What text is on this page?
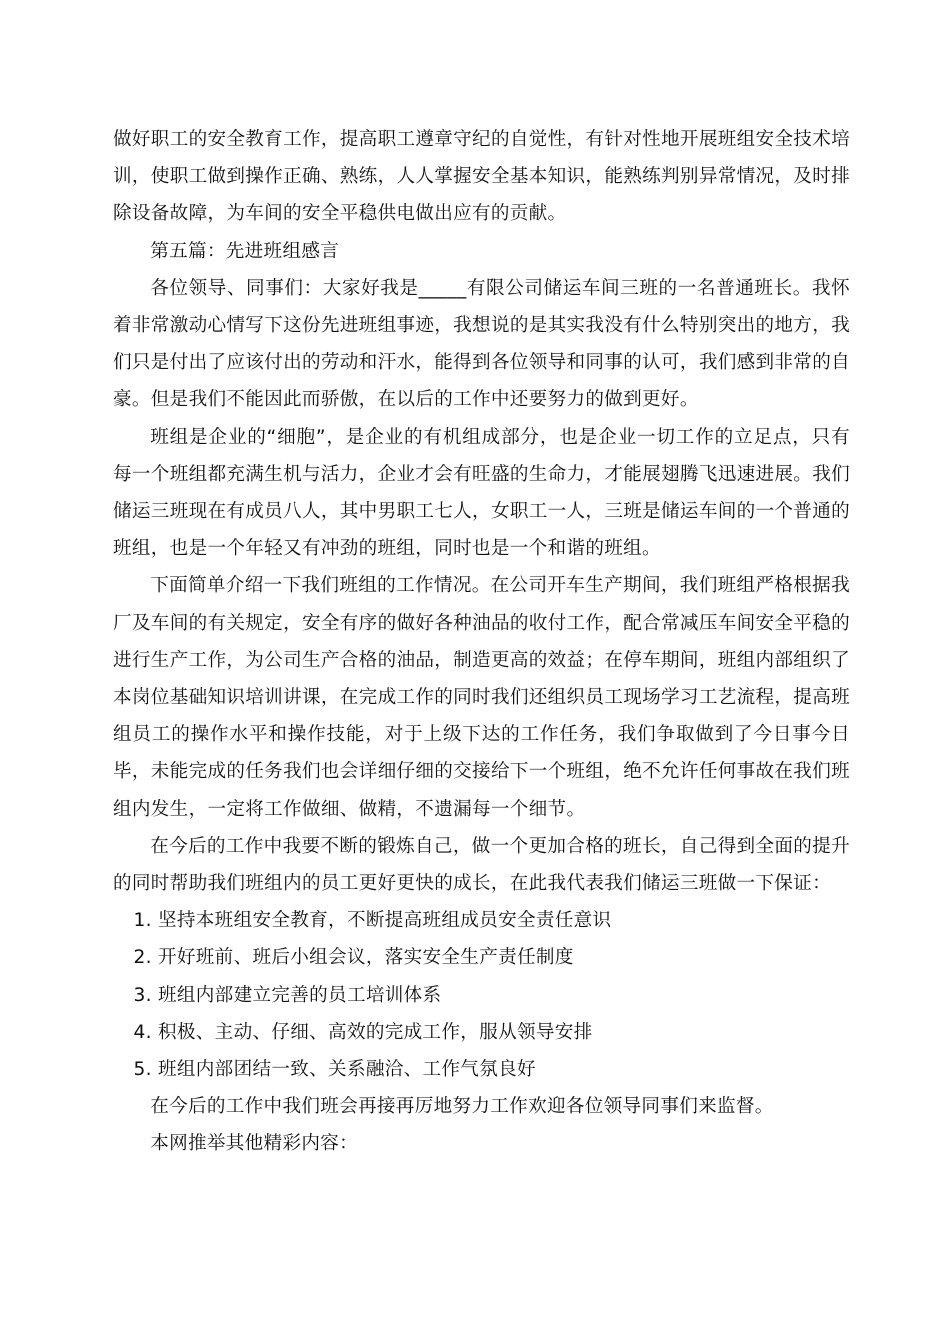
做好职工的安全教育工作，提高职工遵章守纪的自觉性，有针对性地开展班组安全技术培训，使职工做到操作正确、熟练，人人掌握安全基本知识，能熟练判别异常情况，及时排除设备故障，为车间的安全平稳供电做出应有的贡献。

第五篇：先进班组感言

各位领导、同事们：大家好我是_____有限公司储运车间三班的一名普通班长。我怀着非常激动心情写下这份先进班组事迹，我想说的是其实我没有什么特别突出的地方，我们只是付出了应该付出的劳动和汗水，能得到各位领导和同事的认可，我们感到非常的自豪。但是我们不能因此而骄傲，在以后的工作中还要努力的做到更好。

班组是企业的“细胞”，是企业的有机组成部分，也是企业一切工作的立足点，只有每一个班组都充满生机与活力，企业才会有旺盛的生命力，才能展翅腾飞迅速进展。我们储运三班现在有成员八人，其中男职工七人，女职工一人，三班是储运车间的一个普通的班组，也是一个年轻又有冲劲的班组，同时也是一个和谐的班组。

下面简单介绍一下我们班组的工作情况。在公司开车生产期间，我们班组严格根据我厂及车间的有关规定，安全有序的做好各种油品的收付工作，配合常减压车间安全平稳的进行生产工作，为公司生产合格的油品，制造更高的效益；在停车期间，班组内部组织了本岗位基础知识培训讲课，在完成工作的同时我们还组织员工现场学习工艺流程，提高班组员工的操作水平和操作技能，对于上级下达的工作任务，我们争取做到了今日事今日毕，未能完成的任务我们也会详细仔细的交接给下一个班组，绝不允许任何事故在我们班组内发生，一定将工作做细、做精，不遗漏每一个细节。

在今后的工作中我要不断的锻炼自己，做一个更加合格的班长，自己得到全面的提升的同时帮助我们班组内的员工更好更快的成长，在此我代表我们储运三班做一下保证：

1. 坚持本班组安全教育，不断提高班组成员安全责任意识
2. 开好班前、班后小组会议，落实安全生产责任制度
3. 班组内部建立完善的员工培训体系
4. 积极、主动、仔细、高效的完成工作，服从领导安排
5. 班组内部团结一致、关系融洽、工作气氛良好

在今后的工作中我们班会再接再厉地努力工作欢迎各位领导同事们来监督。

本网推举其他精彩内容：
